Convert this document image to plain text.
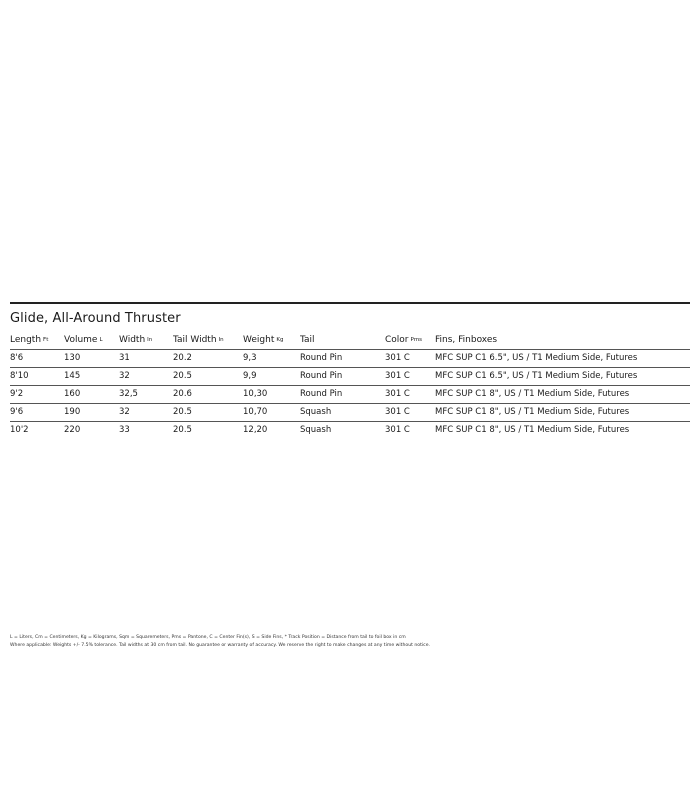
Glide, All-Around Thruster
Length Ft	Volume L	Width In	Tail Width In	Weight Kg	Tail	Color Pms	Fins, Finboxes
8'6	130	31	20.2	9,3	Round Pin	301 C	MFC SUP C1 6.5", US / T1 Medium Side, Futures
8'10	145	32	20.5	9,9	Round Pin	301 C	MFC SUP C1 6.5", US / T1 Medium Side, Futures
9'2	160	32,5	20.6	10,30	Round Pin	301 C	MFC SUP C1 8", US / T1 Medium Side, Futures
9'6	190	32	20.5	10,70	Squash	301 C	MFC SUP C1 8", US / T1 Medium Side, Futures
10'2	220	33	20.5	12,20	Squash	301 C	MFC SUP C1 8", US / T1 Medium Side, Futures
L = Liters, Cm = Centimeters, Kg = Kilograms, Sqm = Squaremeters, Pms = Pantone, C = Center Fin(s), S = Side Fins, * Track Position = Distance from tail to foil box in cm
Where applicable: Weights +/- 7.5% tolerance. Tail widths at 30 cm from tail. No guarantee or warranty of accuracy. We reserve the right to make changes at any time without notice.
